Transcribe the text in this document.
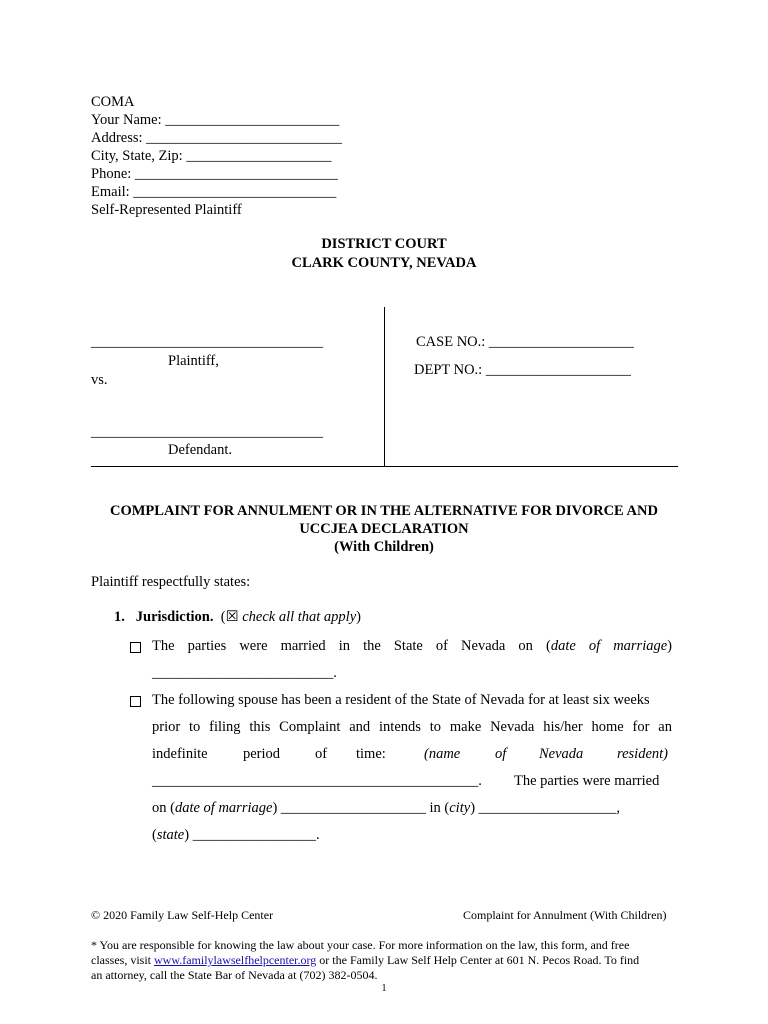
COMA
Your Name: ________________________
Address: ___________________________
City, State, Zip: ____________________
Phone: ____________________________
Email: ____________________________
Self-Represented Plaintiff
DISTRICT COURT
CLARK COUNTY, NEVADA
________________________________
Plaintiff,
vs.
________________________________
Defendant.
CASE NO.: ____________________
DEPT NO.: ____________________
COMPLAINT FOR ANNULMENT OR IN THE ALTERNATIVE FOR DIVORCE AND
UCCJEA DECLARATION
(With Children)
Plaintiff respectfully states:
1. Jurisdiction. (☒ check all that apply)
The parties were married in the State of Nevada on (date of marriage)
_________________________.
The following spouse has been a resident of the State of Nevada for at least six weeks
prior to filing this Complaint and intends to make Nevada his/her home for an
indefinite period of time:	(name of Nevada resident)
_____________________________________________. The parties were married
on (date of marriage) ____________________ in (city) ___________________,
(state) _________________.
© 2020 Family Law Self-Help Center	Complaint for Annulment (With Children)
* You are responsible for knowing the law about your case. For more information on the law, this form, and free
classes, visit www.familylawselfhelpcenter.org or the Family Law Self Help Center at 601 N. Pecos Road. To find
an attorney, call the State Bar of Nevada at (702) 382-0504.
1
